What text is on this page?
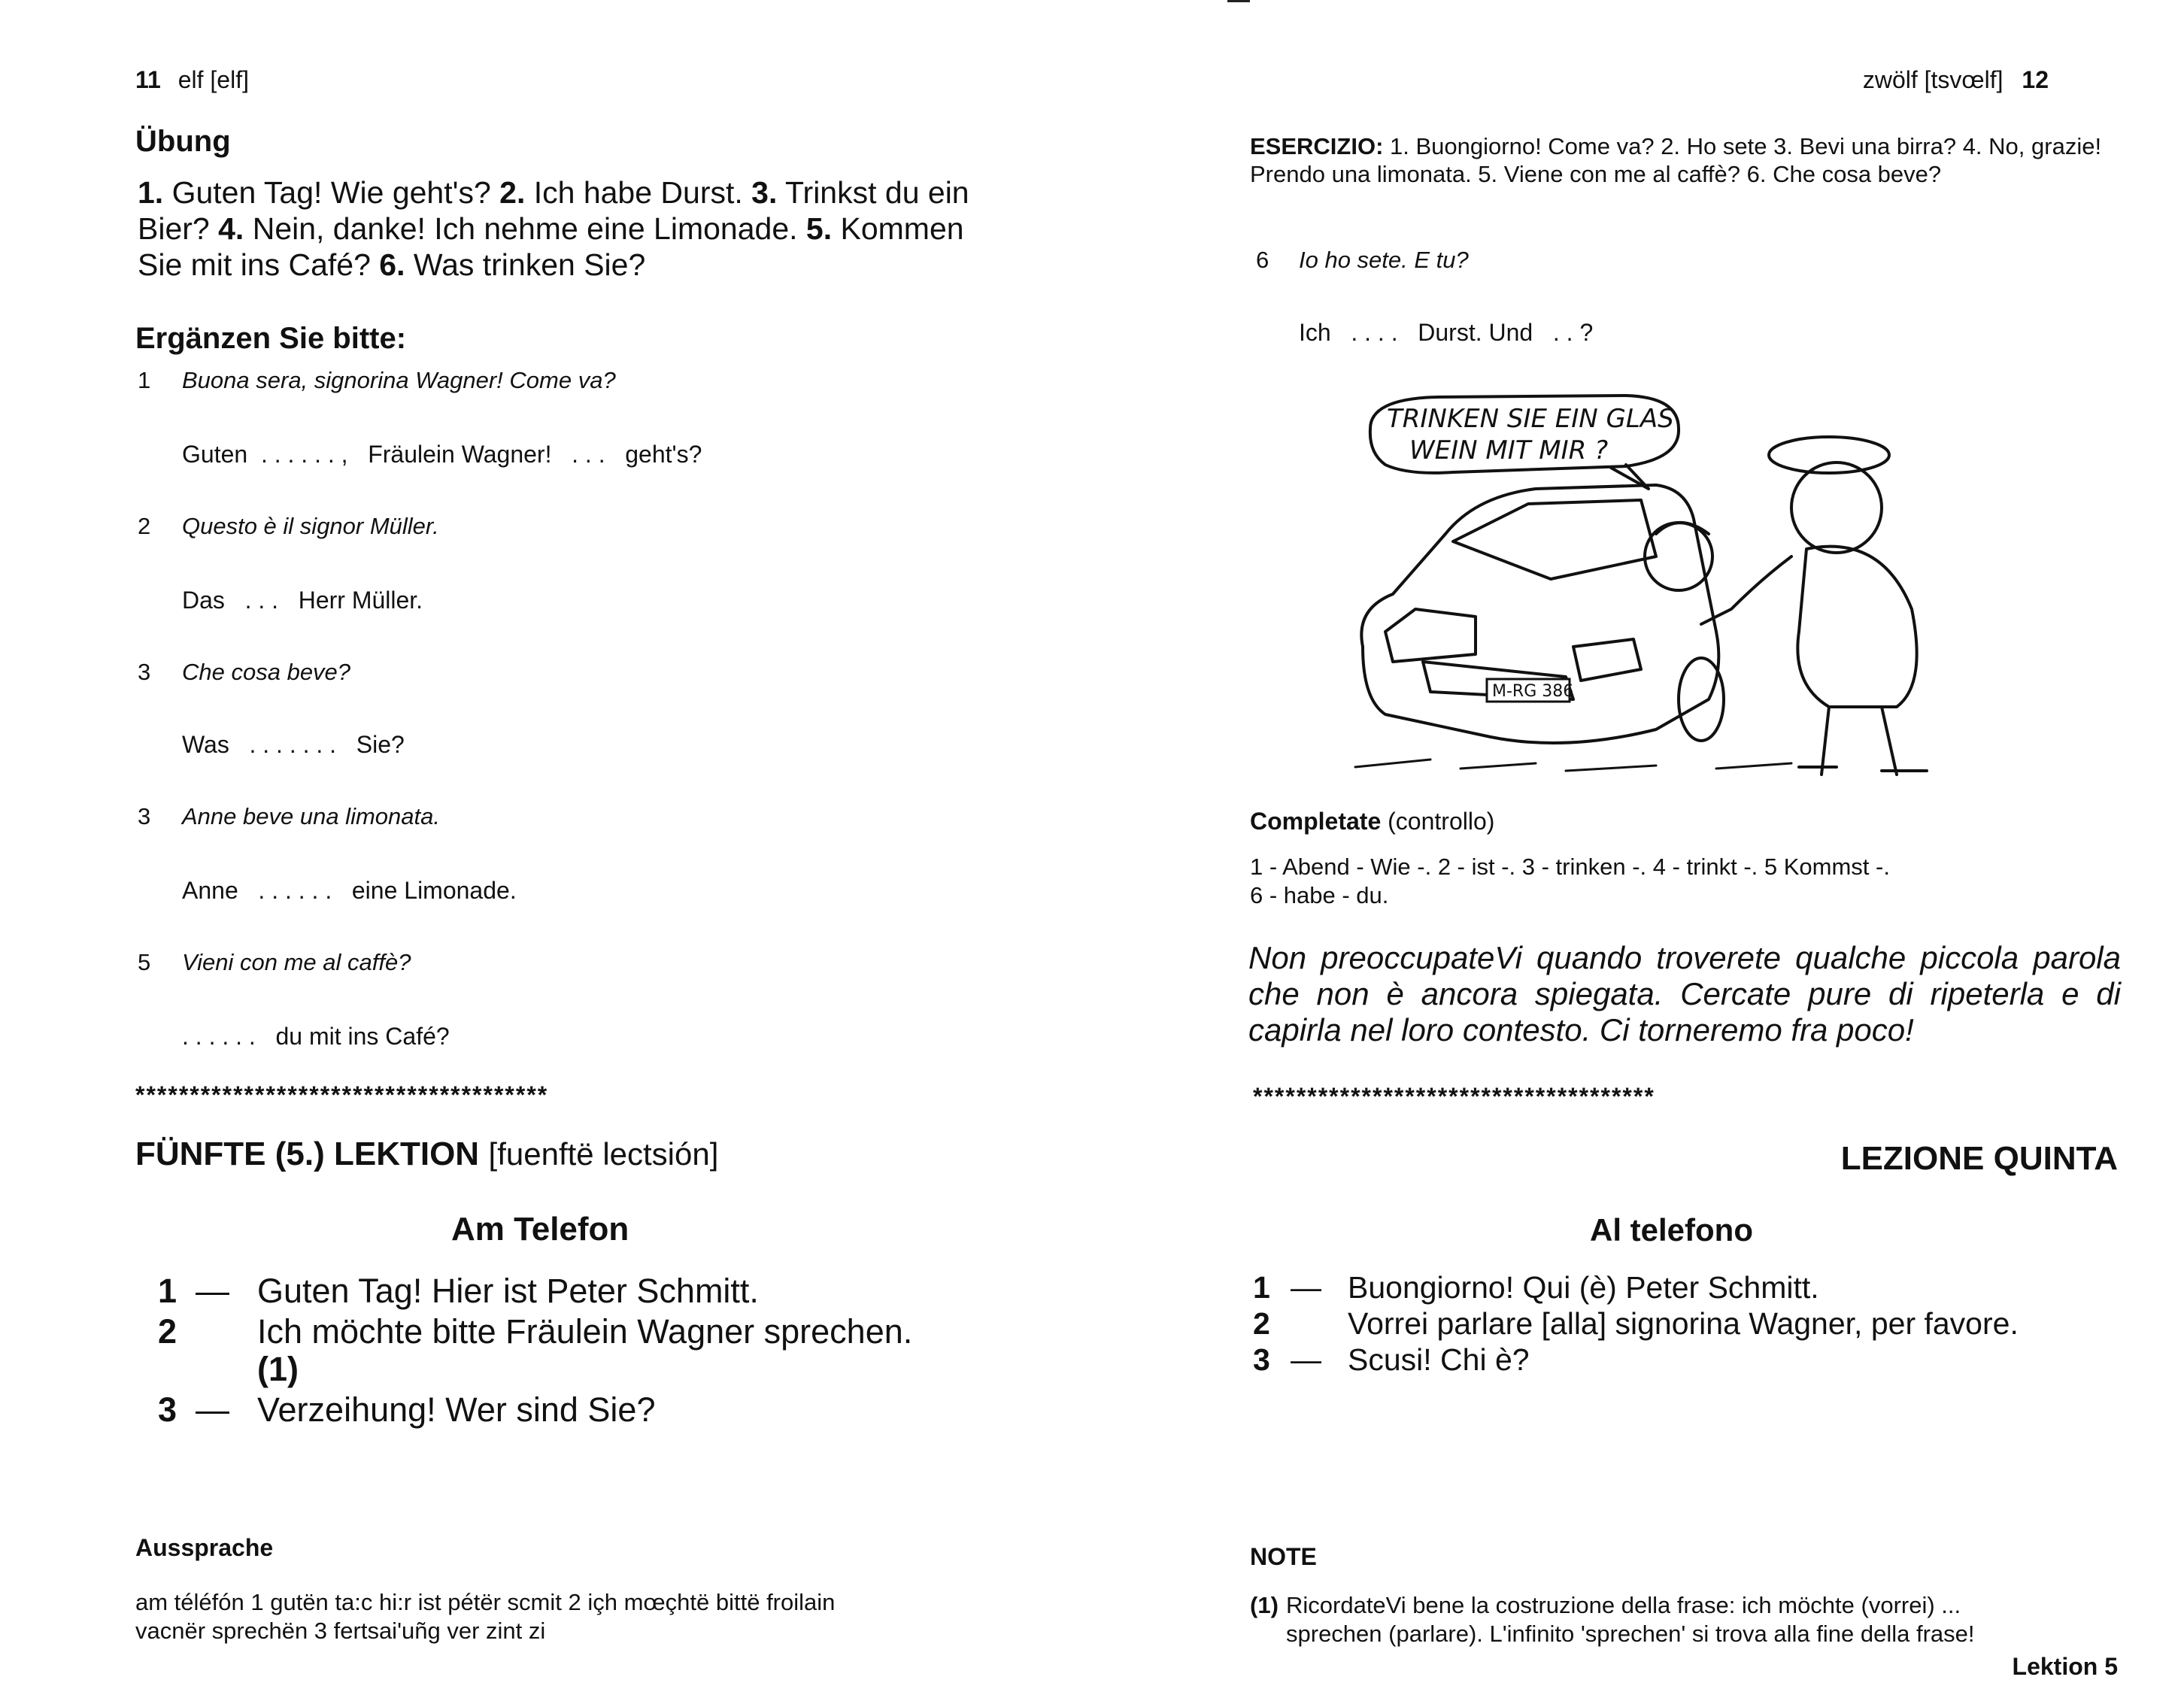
11 elf [elf]
Übung
1. Guten Tag! Wie geht's? 2. Ich habe Durst. 3. Trinkst du ein Bier? 4. Nein, danke! Ich nehme eine Limonade. 5. Kommen Sie mit ins Café? 6. Was trinken Sie?
Ergänzen Sie bitte:
1 Buona sera, signorina Wagner! Come va?
Guten  . . . . . . ,   Fräulein Wagner!   . . .   geht's?
2 Questo è il signor Müller.
Das   . . .   Herr Müller.
3 Che cosa beve?
Was   . . . . . . .   Sie?
3 Anne beve una limonata.
Anne   . . . . . .   eine Limonade.
5 Vieni con me al caffè?
. . . . . .   du mit ins Café?
**************************************
FÜNFTE (5.) LEKTION [fuenftë lectsión]
Am Telefon
1 — Guten Tag! Hier ist Peter Schmitt.
2 Ich möchte bitte Fräulein Wagner sprechen.
(1)
3 — Verzeihung! Wer sind Sie?
Aussprache
am téléfón 1 gutën ta:c hi:r ist pétër scmit 2 içh mœçhtë bittë froilain
vacnër sprechën 3 fertsai'uñg ver zint zi
zwölf [tsvœlf] 12
ESERCIZIO: 1. Buongiorno! Come va? 2. Ho sete 3. Bevi una birra? 4. No, grazie! Prendo una limonata. 5. Viene con me al caffè? 6. Che cosa beve?
6 Io ho sete. E tu?
Ich   . . . .   Durst. Und   . . ?
TRINKEN SIE EIN GLAS
WEIN MIT MIR ?
M-RG 386
Completate (controllo)
1 - Abend - Wie -. 2 - ist -. 3 - trinken -. 4 - trinkt -. 5 Kommst -.
6 - habe - du.
Non preoccupateVi quando troverete qualche piccola parola che non è ancora spiegata. Cercate pure di ripeterla e di capirla nel loro contesto. Ci torneremo fra poco!
*************************************
LEZIONE QUINTA
Al telefono
1 — Buongiorno! Qui (è) Peter Schmitt.
2	Vorrei parlare [alla] signorina Wagner, per favore.
3 — Scusi! Chi è?
NOTE
(1) RicordateVi bene la costruzione della frase: ich möchte (vorrei) ...
sprechen (parlare). L'infinito 'sprechen' si trova alla fine della frase!
Lektion 5
